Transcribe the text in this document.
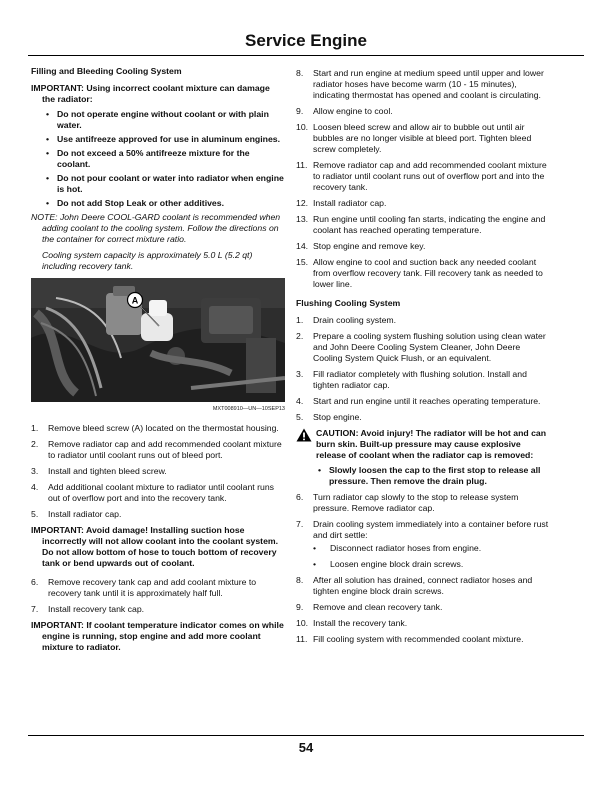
Service Engine
Filling and Bleeding Cooling System
IMPORTANT: Using incorrect coolant mixture can damage the radiator:
• Do not operate engine without coolant or with plain water.
• Use antifreeze approved for use in aluminum engines.
• Do not exceed a 50% antifreeze mixture for the coolant.
• Do not pour coolant or water into radiator when engine is hot.
• Do not add Stop Leak or other additives.
NOTE: John Deere COOL-GARD coolant is recommended when adding coolant to the cooling system. Follow the directions on the container for correct mixture ratio.
Cooling system capacity is approximately 5.0 L (5.2 qt) including recovery tank.
A
MXT008910—UN—10SEP13
1. Remove bleed screw (A) located on the thermostat housing.
2. Remove radiator cap and add recommended coolant mixture to radiator until coolant runs out of bleed port.
3. Install and tighten bleed screw.
4. Add additional coolant mixture to radiator until coolant runs out of overflow port and into the recovery tank.
5. Install radiator cap.
IMPORTANT: Avoid damage! Installing suction hose incorrectly will not allow coolant into the coolant system. Do not allow bottom of hose to touch bottom of recovery tank or bend upwards out of coolant.
6. Remove recovery tank cap and add coolant mixture to recovery tank until it is approximately half full.
7. Install recovery tank cap.
IMPORTANT: If coolant temperature indicator comes on while engine is running, stop engine and add more coolant mixture to radiator.
8. Start and run engine at medium speed until upper and lower radiator hoses have become warm (10 - 15 minutes), indicating thermostat has opened and coolant is circulating.
9. Allow engine to cool.
10. Loosen bleed screw and allow air to bubble out until air bubbles are no longer visible at bleed port. Tighten bleed screw completely.
11. Remove radiator cap and add recommended coolant mixture to radiator until coolant runs out of overflow port and into the recovery tank.
12. Install radiator cap.
13. Run engine until cooling fan starts, indicating the engine and coolant has reached operating temperature.
14. Stop engine and remove key.
15. Allow engine to cool and suction back any needed coolant from overflow recovery tank. Fill recovery tank as needed to lower line.
Flushing Cooling System
1. Drain cooling system.
2. Prepare a cooling system flushing solution using clean water and John Deere Cooling System Cleaner, John Deere Cooling System Quick Flush, or an equivalent.
3. Fill radiator completely with flushing solution. Install and tighten radiator cap.
4. Start and run engine until it reaches operating temperature.
5. Stop engine.
CAUTION: Avoid injury! The radiator will be hot and can burn skin. Built-up pressure may cause explosive release of coolant when the radiator cap is removed:
• Slowly loosen the cap to the first stop to release all pressure. Then remove the drain plug.
6. Turn radiator cap slowly to the stop to release system pressure. Remove radiator cap.
7. Drain cooling system immediately into a container before rust and dirt settle:
• Disconnect radiator hoses from engine.
• Loosen engine block drain screws.
8. After all solution has drained, connect radiator hoses and tighten engine block drain screws.
9. Remove and clean recovery tank.
10. Install the recovery tank.
11. Fill cooling system with recommended coolant mixture.
54
